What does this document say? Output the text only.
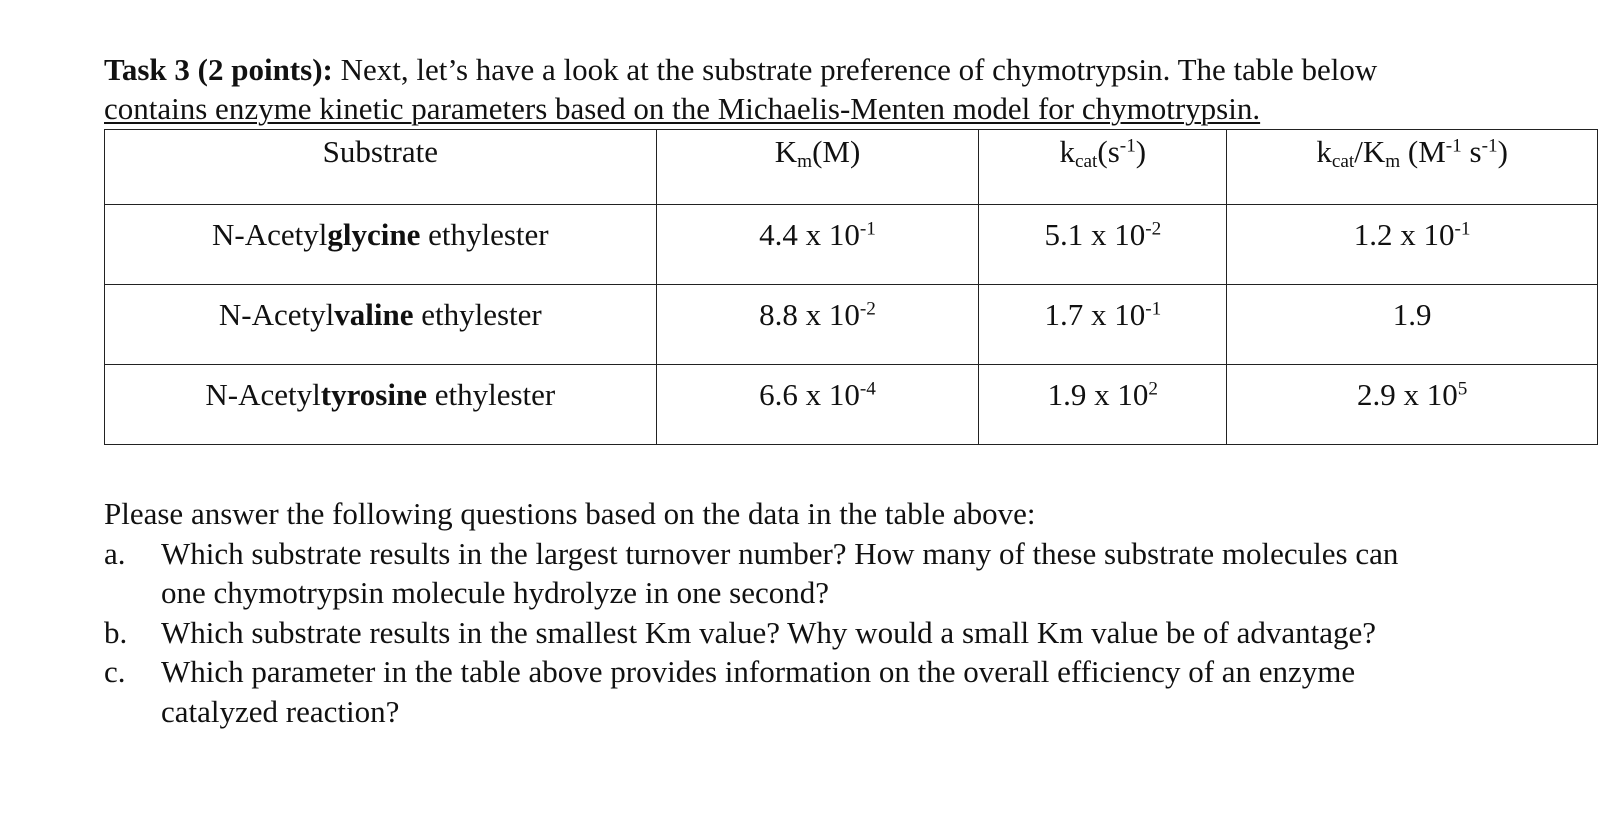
Task 3 (2 points): Next, let’s have a look at the substrate preference of chymotrypsin. The table below
contains enzyme kinetic parameters based on the Michaelis-Menten model for chymotrypsin.
Substrate	$K_m(M)$	$k_{cat}(s^{-1})$	$k_{cat}/K_m$ ($M^{-1}$ $s^{-1}$)
N-Acetylglycine ethylester	4.4 x $10^{-1}$	5.1 x $10^{-2}$	1.2 x $10^{-1}$
N-Acetylvaline ethylester	8.8 x $10^{-2}$	1.7 x $10^{-1}$	1.9
N-Acetyltyrosine ethylester	6.6 x $10^{-4}$	1.9 x $10^2$	2.9 x $10^5$
Please answer the following questions based on the data in the table above:
a. Which substrate results in the largest turnover number? How many of these substrate molecules can
one chymotrypsin molecule hydrolyze in one second?
b. Which substrate results in the smallest Km value? Why would a small Km value be of advantage?
c. Which parameter in the table above provides information on the overall efficiency of an enzyme
catalyzed reaction?
